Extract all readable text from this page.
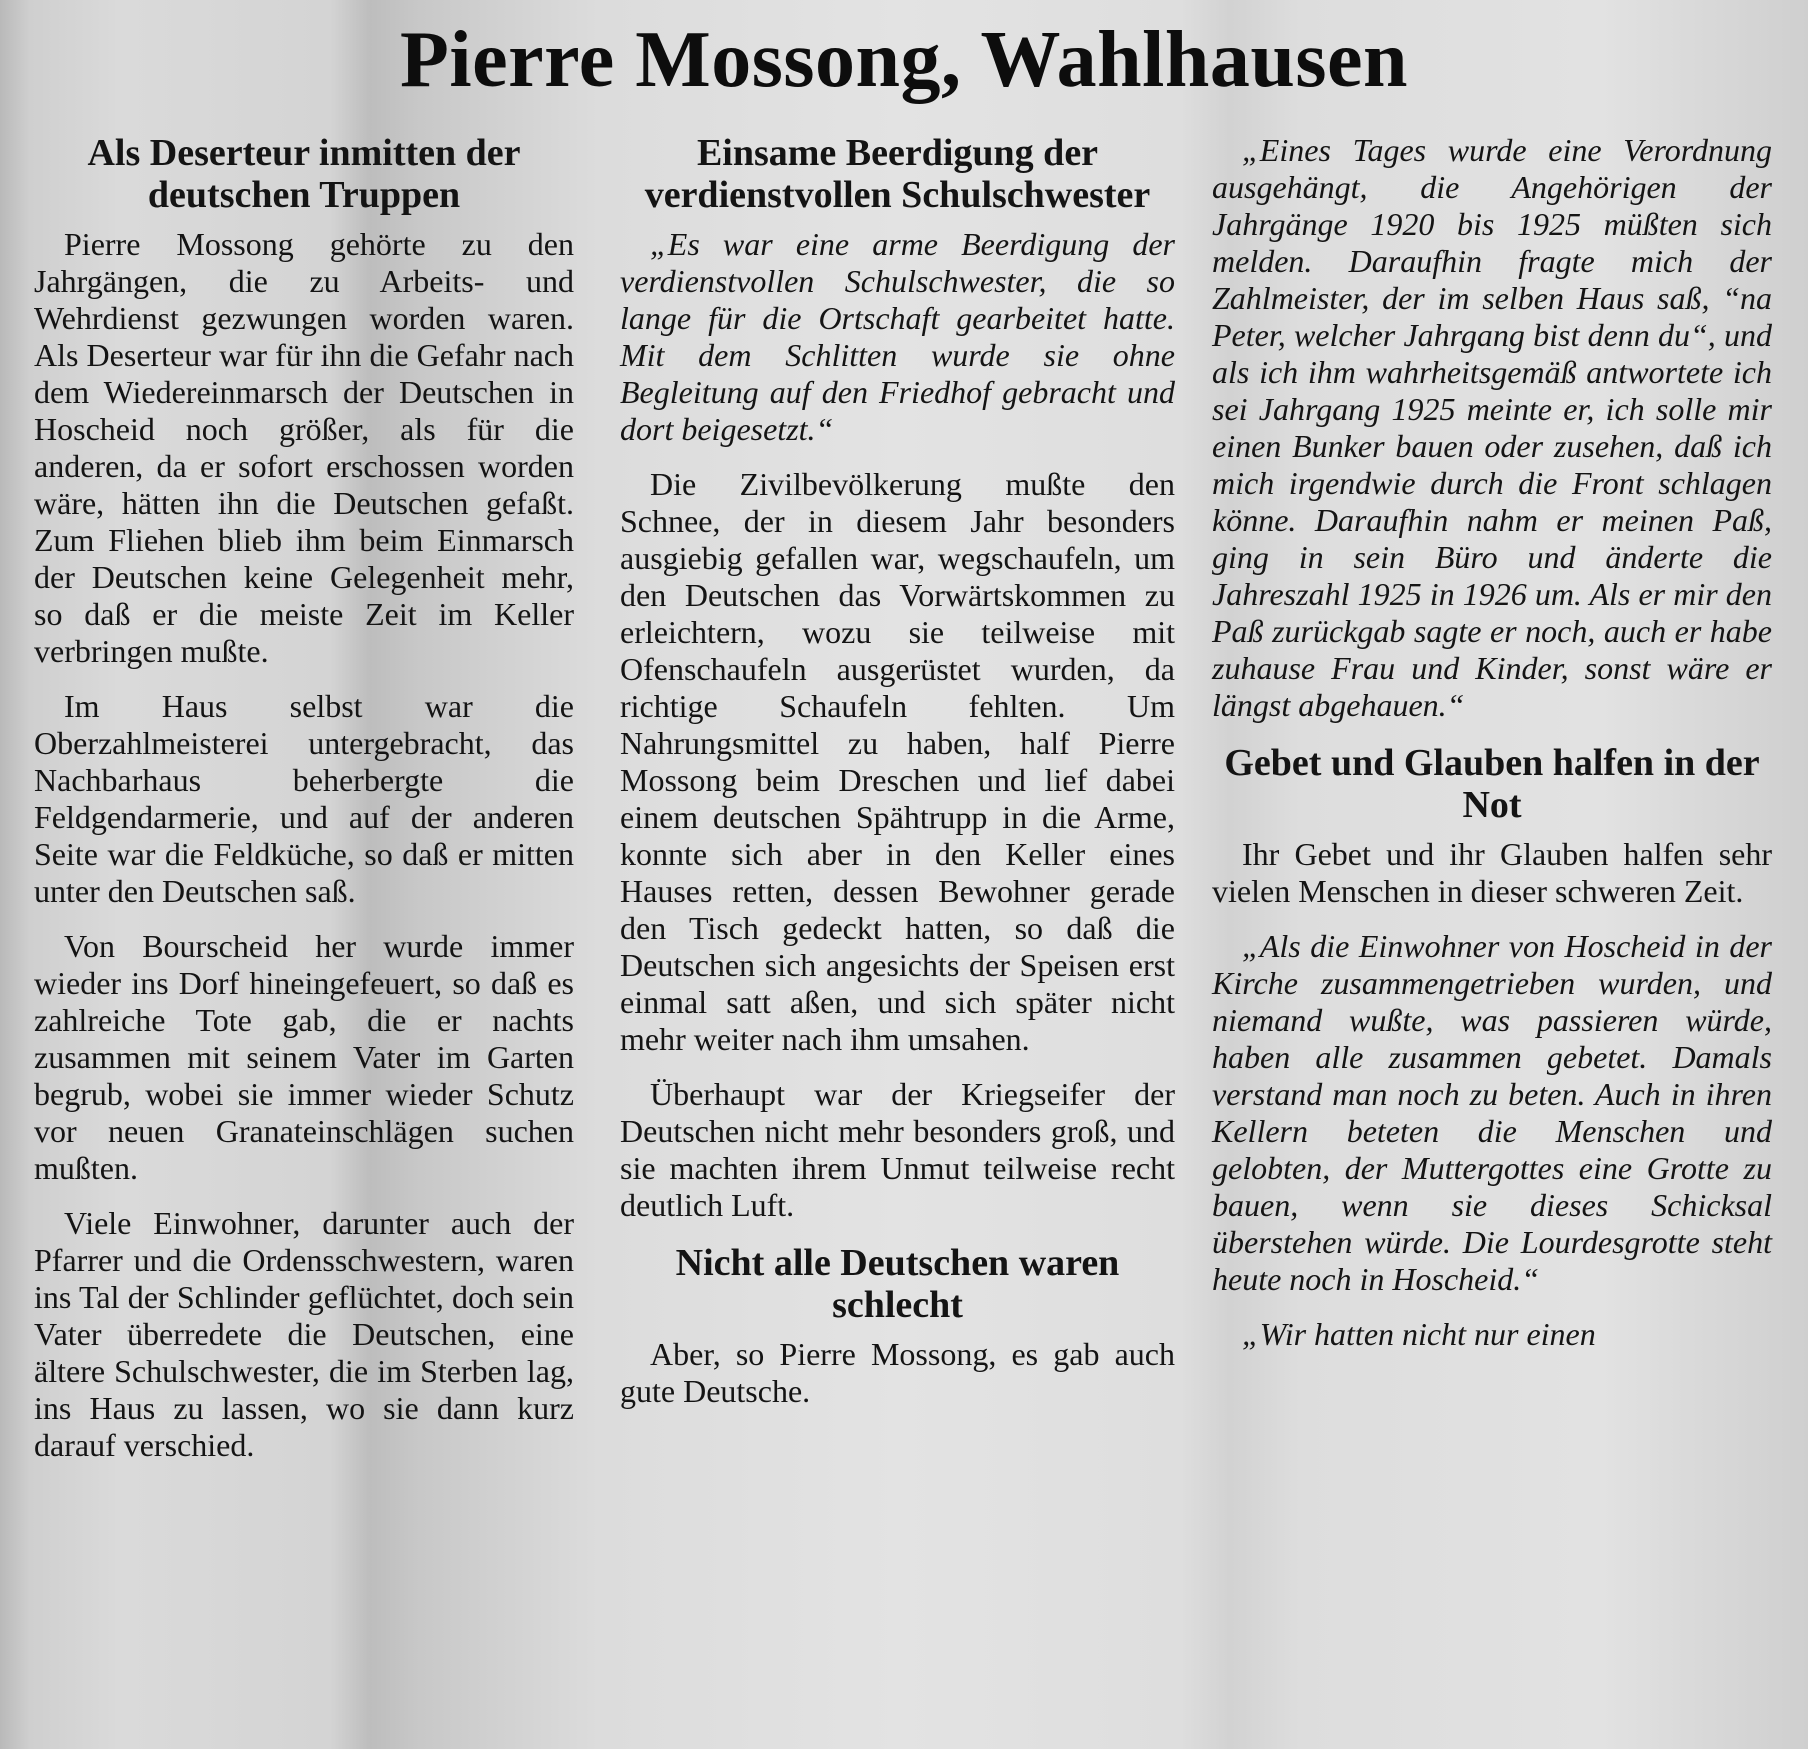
Pierre Mossong, Wahlhausen
Als Deserteur inmitten der deutschen Truppen

Pierre Mossong gehörte zu den Jahrgängen, die zu Arbeits- und Wehrdienst gezwungen worden waren. Als Deserteur war für ihn die Gefahr nach dem Wiedereinmarsch der Deutschen in Hoscheid noch größer, als für die anderen, da er sofort erschossen worden wäre, hätten ihn die Deutschen gefaßt. Zum Fliehen blieb ihm beim Einmarsch der Deutschen keine Gelegenheit mehr, so daß er die meiste Zeit im Keller verbringen mußte.

Im Haus selbst war die Oberzahlmeisterei untergebracht, das Nachbarhaus beherbergte die Feldgendarmerie, und auf der anderen Seite war die Feldküche, so daß er mitten unter den Deutschen saß.

Von Bourscheid her wurde immer wieder ins Dorf hineingefeuert, so daß es zahlreiche Tote gab, die er nachts zusammen mit seinem Vater im Garten begrub, wobei sie immer wieder Schutz vor neuen Granateinschlägen suchen mußten.

Viele Einwohner, darunter auch der Pfarrer und die Ordensschwestern, waren ins Tal der Schlinder geflüchtet, doch sein Vater überredete die Deutschen, eine ältere Schulschwester, die im Sterben lag, ins Haus zu lassen, wo sie dann kurz darauf verschied.

Einsame Beerdigung der verdienstvollen Schulschwester

„Es war eine arme Beerdigung der verdienstvollen Schulschwester, die so lange für die Ortschaft gearbeitet hatte. Mit dem Schlitten wurde sie ohne Begleitung auf den Friedhof gebracht und dort beigesetzt.“

Die Zivilbevölkerung mußte den Schnee, der in diesem Jahr besonders ausgiebig gefallen war, wegschaufeln, um den Deutschen das Vorwärtskommen zu erleichtern, wozu sie teilweise mit Ofenschaufeln ausgerüstet wurden, da richtige Schaufeln fehlten. Um Nahrungsmittel zu haben, half Pierre Mossong beim Dreschen und lief dabei einem deutschen Spähtrupp in die Arme, konnte sich aber in den Keller eines Hauses retten, dessen Bewohner gerade den Tisch gedeckt hatten, so daß die Deutschen sich angesichts der Speisen erst einmal satt aßen, und sich später nicht mehr weiter nach ihm umsahen.

Überhaupt war der Kriegseifer der Deutschen nicht mehr besonders groß, und sie machten ihrem Unmut teilweise recht deutlich Luft.

Nicht alle Deutschen waren schlecht

Aber, so Pierre Mossong, es gab auch gute Deutsche.

„Eines Tages wurde eine Verordnung ausgehängt, die Angehörigen der Jahrgänge 1920 bis 1925 müßten sich melden. Daraufhin fragte mich der Zahlmeister, der im selben Haus saß, “na Peter, welcher Jahrgang bist denn du“, und als ich ihm wahrheitsgemäß antwortete ich sei Jahrgang 1925 meinte er, ich solle mir einen Bunker bauen oder zusehen, daß ich mich irgendwie durch die Front schlagen könne. Daraufhin nahm er meinen Paß, ging in sein Büro und änderte die Jahreszahl 1925 in 1926 um. Als er mir den Paß zurückgab sagte er noch, auch er habe zuhause Frau und Kinder, sonst wäre er längst abgehauen.“

Gebet und Glauben halfen in der Not

Ihr Gebet und ihr Glauben halfen sehr vielen Menschen in dieser schweren Zeit.

„Als die Einwohner von Hoscheid in der Kirche zusammengetrieben wurden, und niemand wußte, was passieren würde, haben alle zusammen gebetet. Damals verstand man noch zu beten. Auch in ihren Kellern beteten die Menschen und gelobten, der Muttergottes eine Grotte zu bauen, wenn sie dieses Schicksal überstehen würde. Die Lourdesgrotte steht heute noch in Hoscheid.“

„Wir hatten nicht nur einen
